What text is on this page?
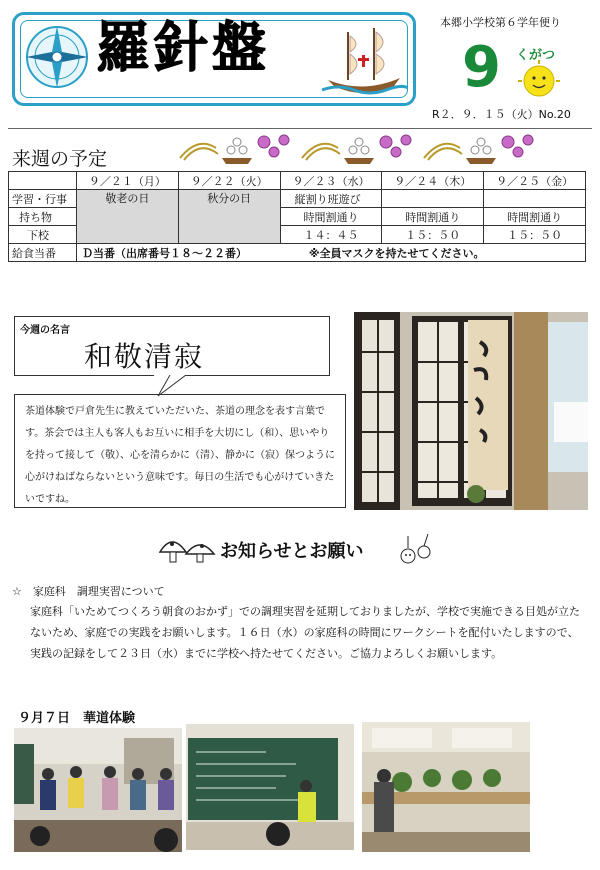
羅針盤	本郷小学校第６学年便り
9 くがつ
R２．９．１５（火）No.20
来週の予定
	９／２１（月）	９／２２（火）	９／２３（水）	９／２４（木）	９／２５（金）
学習・行事	敬老の日	秋分の日	縦割り班遊び		
持ち物			時間割通り	時間割通り	時間割通り
下校			１４：４５	１５：５０	１５：５０
給食当番	Ｄ当番（出席番号１８～２２番） ※全員マスクを持たせてください。				
今週の名言
和敬清寂
茶道体験で戸倉先生に教えていただいた、茶道の理念を表す言葉です。茶会では主人も客人もお互いに相手を大切にし（和）、思いやりを持って接して（敬）、心を清らかに（清）、静かに（寂）保つように心がけねばならないという意味です。毎日の生活でも心がけていきたいですね。
お知らせとお願い
☆　家庭科　調理実習について
家庭科「いためてつくろう朝食のおかず」での調理実習を延期しておりましたが、学校で実施できる目処が立たないため、家庭での実践をお願いします。１６日（水）の家庭科の時間にワークシートを配付いたしますので、実践の記録をして２３日（水）までに学校へ持たせてください。ご協力よろしくお願いします。
９月７日　華道体験
